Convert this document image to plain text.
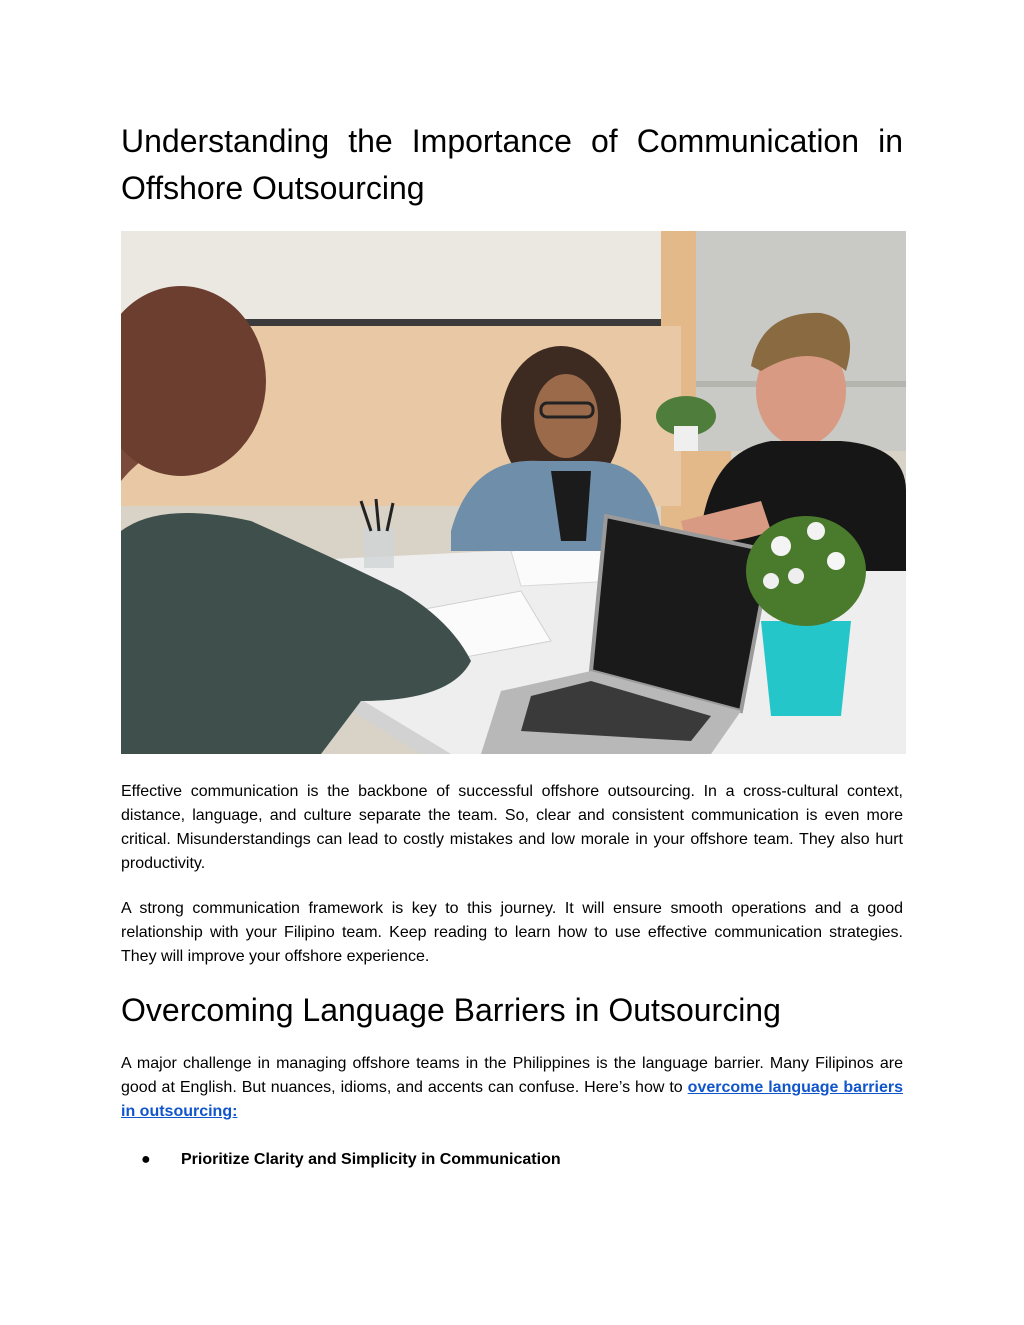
Understanding the Importance of Communication in Offshore Outsourcing

Effective communication is the backbone of successful offshore outsourcing. In a cross-cultural context, distance, language, and culture separate the team. So, clear and consistent communication is even more critical. Misunderstandings can lead to costly mistakes and low morale in your offshore team. They also hurt productivity.

A strong communication framework is key to this journey. It will ensure smooth operations and a good relationship with your Filipino team. Keep reading to learn how to use effective communication strategies. They will improve your offshore experience.

Overcoming Language Barriers in Outsourcing

A major challenge in managing offshore teams in the Philippines is the language barrier. Many Filipinos are good at English. But nuances, idioms, and accents can confuse. Here’s how to overcome language barriers in outsourcing:

●	Prioritize Clarity and Simplicity in Communication
